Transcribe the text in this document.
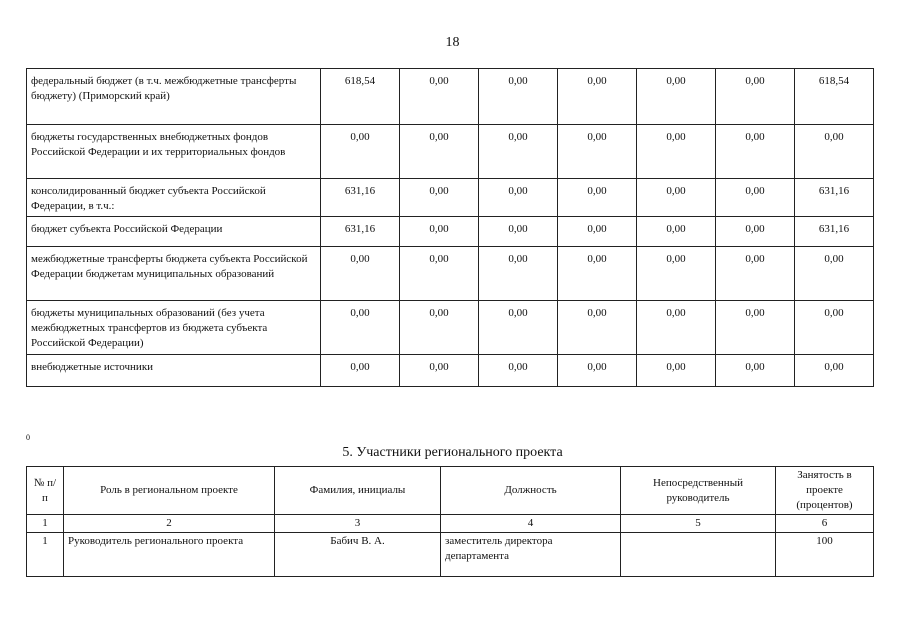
18
федеральный бюджет (в т.ч. межбюджетные трансферты бюджету) (Приморский край)	618,54	0,00	0,00	0,00	0,00	0,00	618,54
бюджеты государственных внебюджетных фондов Российской Федерации и их территориальных фондов	0,00	0,00	0,00	0,00	0,00	0,00	0,00
консолидированный бюджет субъекта Российской Федерации, в т.ч.:	631,16	0,00	0,00	0,00	0,00	0,00	631,16
бюджет субъекта Российской Федерации	631,16	0,00	0,00	0,00	0,00	0,00	631,16
межбюджетные трансферты бюджета субъекта Российской Федерации бюджетам муниципальных образований	0,00	0,00	0,00	0,00	0,00	0,00	0,00
бюджеты муниципальных образований (без учета межбюджетных трансфертов из бюджета субъекта Российской Федерации)	0,00	0,00	0,00	0,00	0,00	0,00	0,00
внебюджетные источники	0,00	0,00	0,00	0,00	0,00	0,00	0,00
0
5. Участники регионального проекта
№ п/п	Роль в региональном проекте	Фамилия, инициалы	Должность	Непосредственный руководитель	Занятость в проекте (процентов)
1	2	3	4	5	6
1	Руководитель регионального проекта	Бабич В. А.	заместитель директора департамента		100
